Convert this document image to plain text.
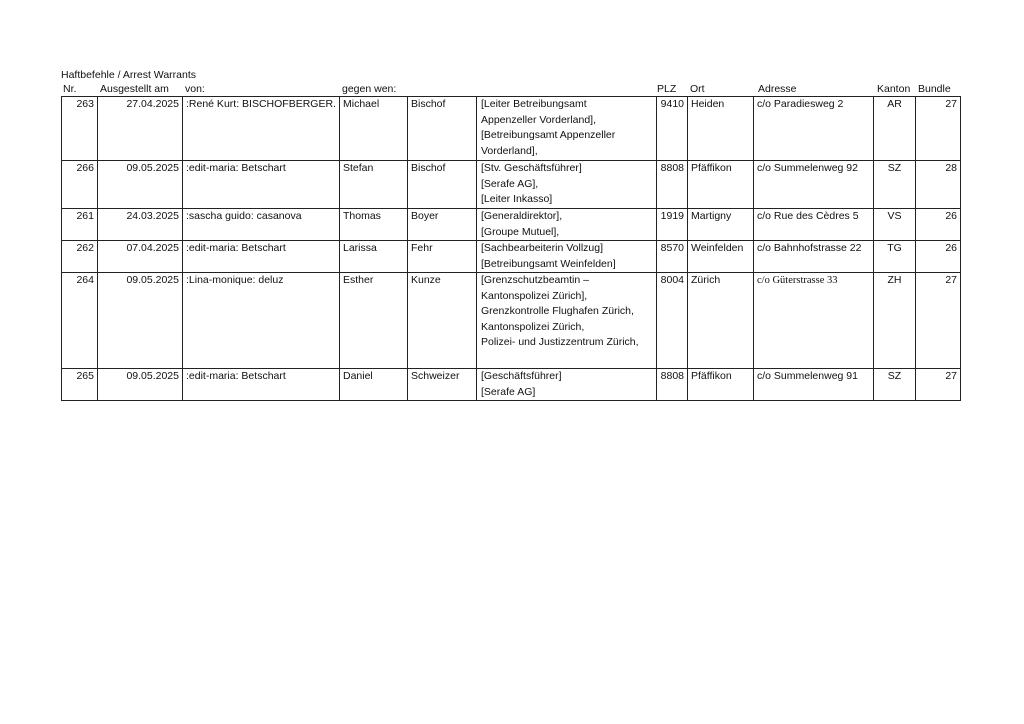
Haftbefehle / Arrest Warrants
Nr. Ausgestellt am von:	gegen wen:	PLZ Ort	Adresse	Kanton Bundle
263	27.04.2025	:René Kurt: BISCHOFBERGER.	Michael	Bischof	[Leiter Betreibungsamt
Appenzeller Vorderland],
[Betreibungsamt Appenzeller
Vorderland],	9410	Heiden	c/o Paradiesweg 2	AR	27
266	09.05.2025	:edit-maria: Betschart	Stefan	Bischof	[Stv. Geschäftsführer]
[Serafe AG],
[Leiter Inkasso]	8808	Pfäffikon	c/o Summelenweg 92	SZ	28
261	24.03.2025	:sascha guido: casanova	Thomas	Boyer	[Generaldirektor],
[Groupe Mutuel],	1919	Martigny	c/o Rue des Cèdres 5	VS	26
262	07.04.2025	:edit-maria: Betschart	Larissa	Fehr	[Sachbearbeiterin Vollzug]
[Betreibungsamt Weinfelden]	8570	Weinfelden	c/o Bahnhofstrasse 22	TG	26
264	09.05.2025	:Lina-monique: deluz	Esther	Kunze	[Grenzschutzbeamtin –
Kantonspolizei Zürich],
Grenzkontrolle Flughafen Zürich,
Kantonspolizei Zürich,
Polizei- und Justizzentrum Zürich,	8004	Zürich	c/o Güterstrasse 33	ZH	27
265	09.05.2025	:edit-maria: Betschart	Daniel	Schweizer	[Geschäftsführer]
[Serafe AG]	8808	Pfäffikon	c/o Summelenweg 91	SZ	27
